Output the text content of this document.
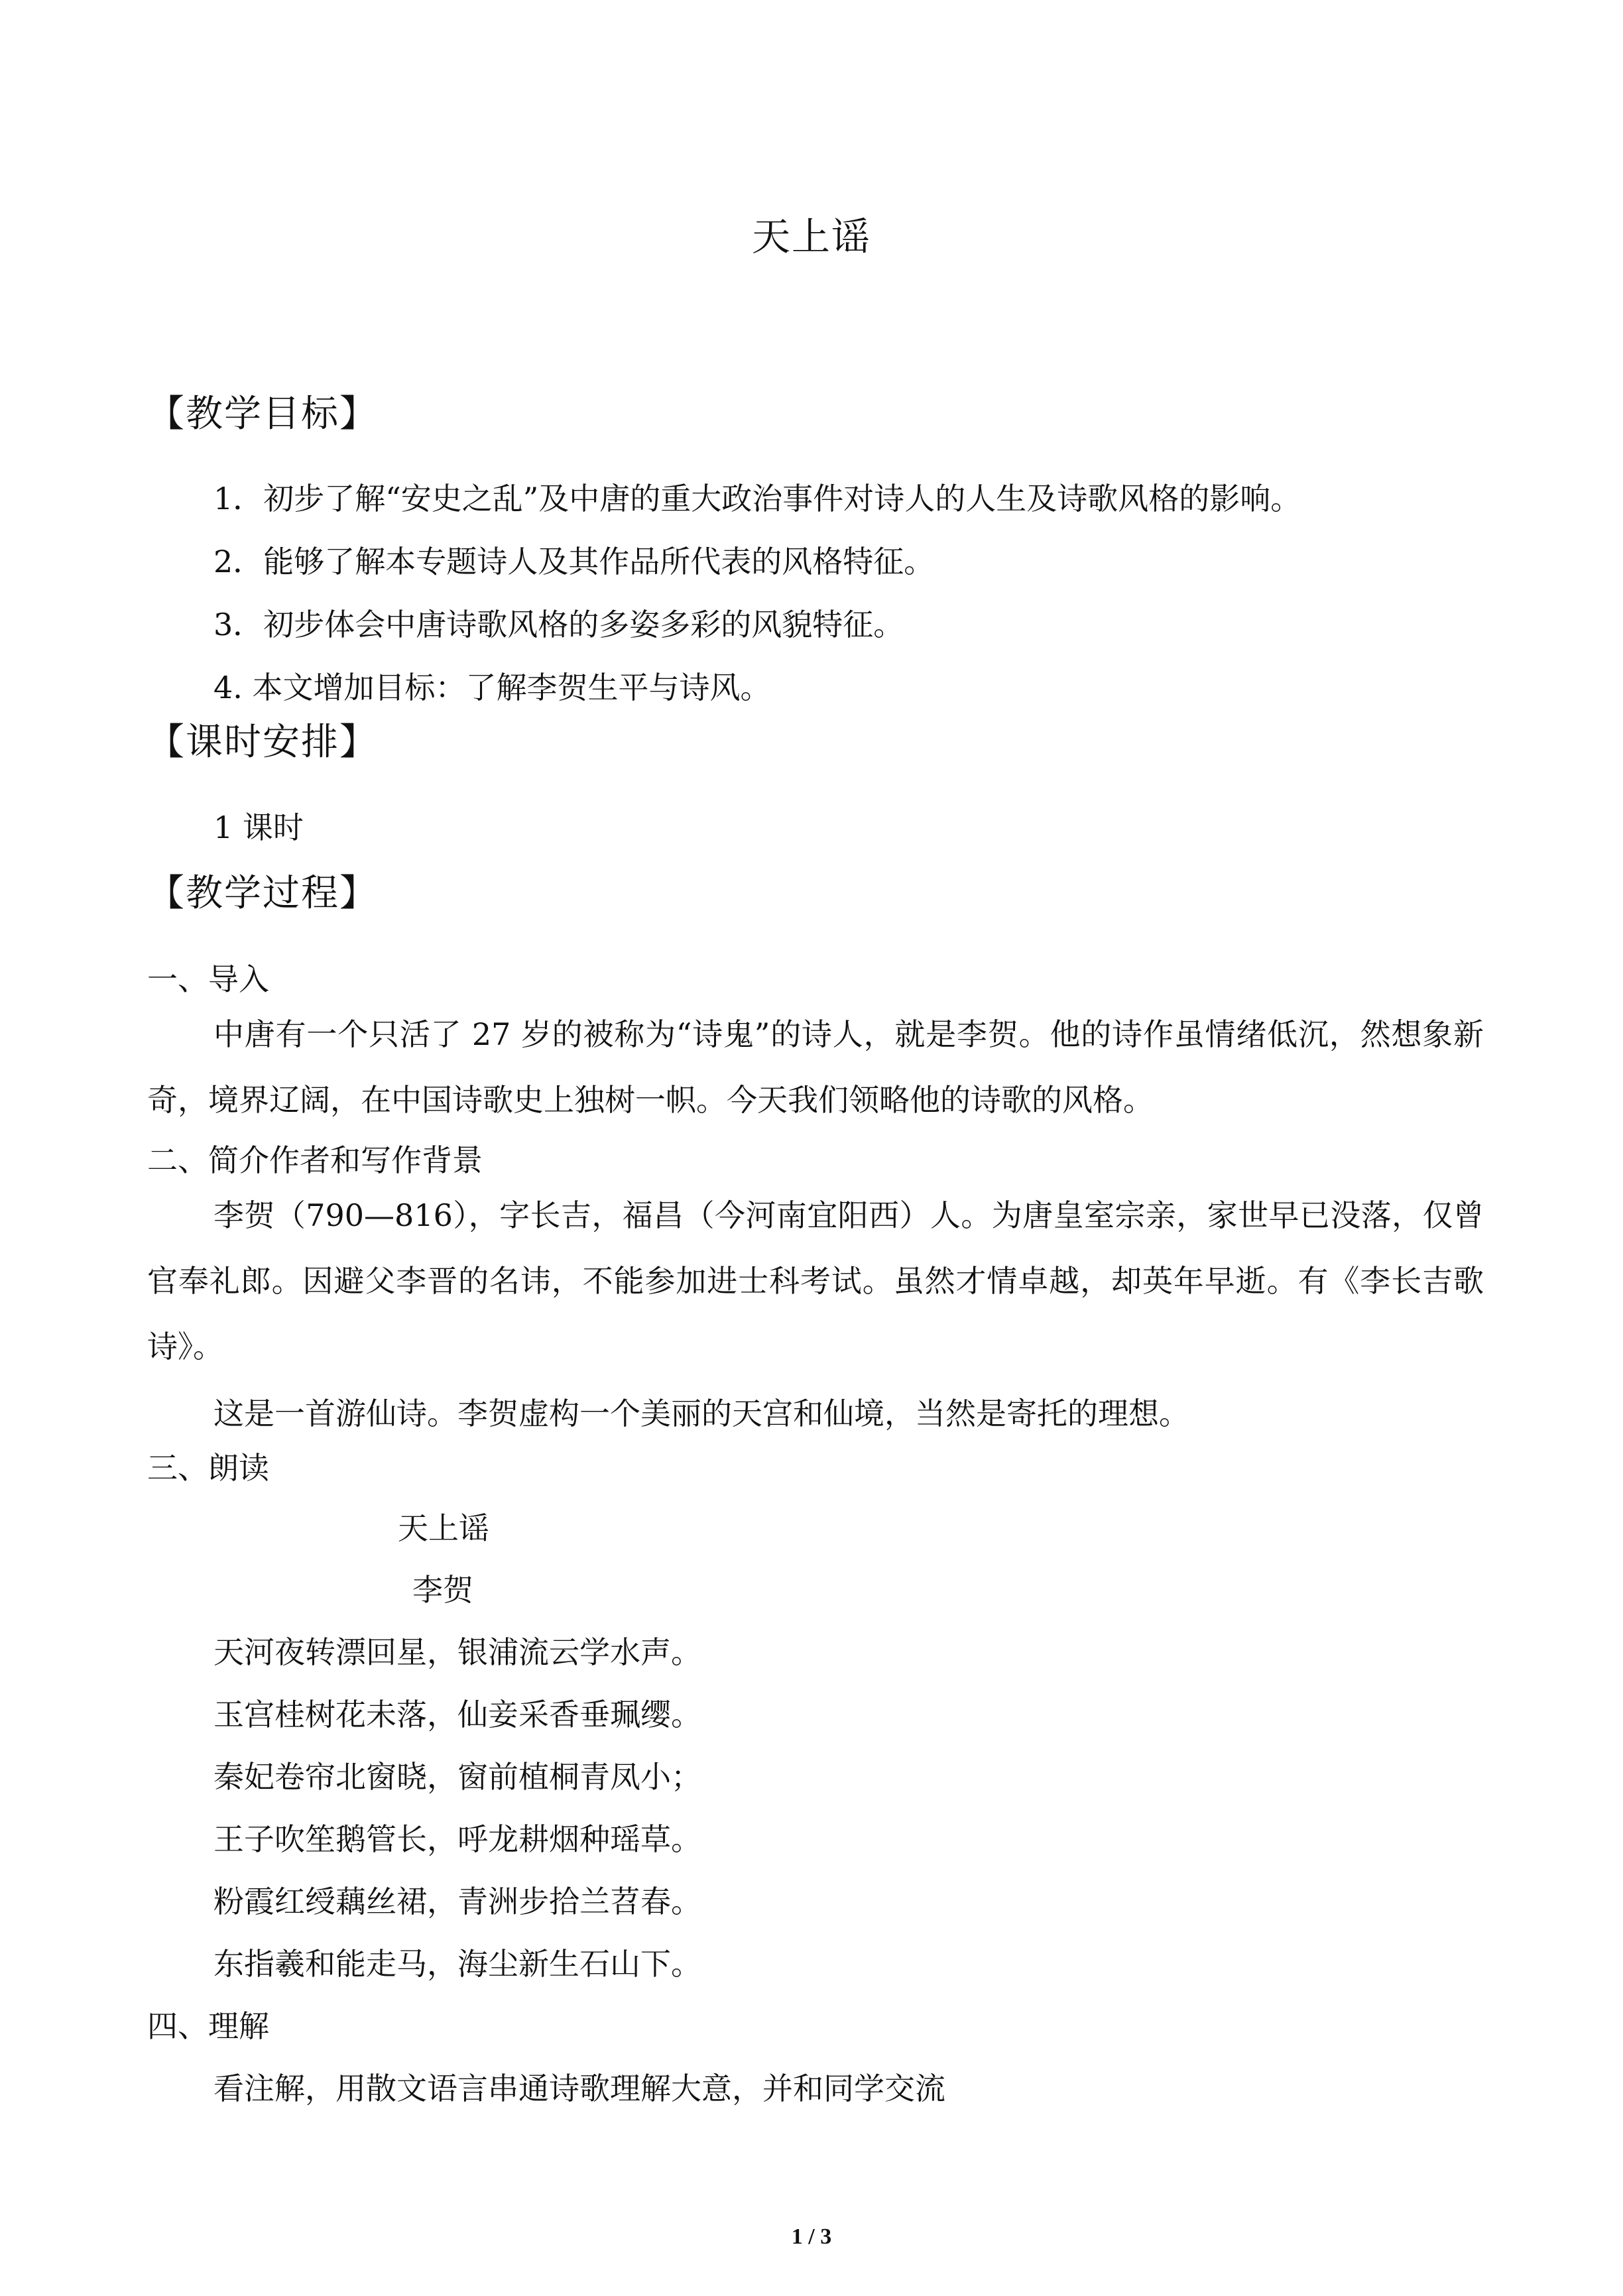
天上谣
【教学目标】
1．初步了解“安史之乱”及中唐的重大政治事件对诗人的人生及诗歌风格的影响。
2．能够了解本专题诗人及其作品所代表的风格特征。
3．初步体会中唐诗歌风格的多姿多彩的风貌特征。
4. 本文增加目标：了解李贺生平与诗风。
【课时安排】
1 课时
【教学过程】
一、导入
中唐有一个只活了 27 岁的被称为“诗鬼”的诗人，就是李贺。他的诗作虽情绪低沉，然想象新奇，境界辽阔，在中国诗歌史上独树一帜。今天我们领略他的诗歌的风格。
二、简介作者和写作背景
李贺（790—816），字长吉，福昌（今河南宜阳西）人。为唐皇室宗亲，家世早已没落，仅曾官奉礼郎。因避父李晋的名讳，不能参加进士科考试。虽然才情卓越，却英年早逝。有《李长吉歌诗》。
这是一首游仙诗。李贺虚构一个美丽的天宫和仙境，当然是寄托的理想。
三、朗读
天上谣
李贺
天河夜转漂回星，银浦流云学水声。
玉宫桂树花未落，仙妾采香垂珮缨。
秦妃卷帘北窗晓，窗前植桐青凤小；
王子吹笙鹅管长，呼龙耕烟种瑶草。
粉霞红绶藕丝裙，青洲步拾兰苕春。
东指羲和能走马，海尘新生石山下。
四、理解
看注解，用散文语言串通诗歌理解大意，并和同学交流
1 / 3
